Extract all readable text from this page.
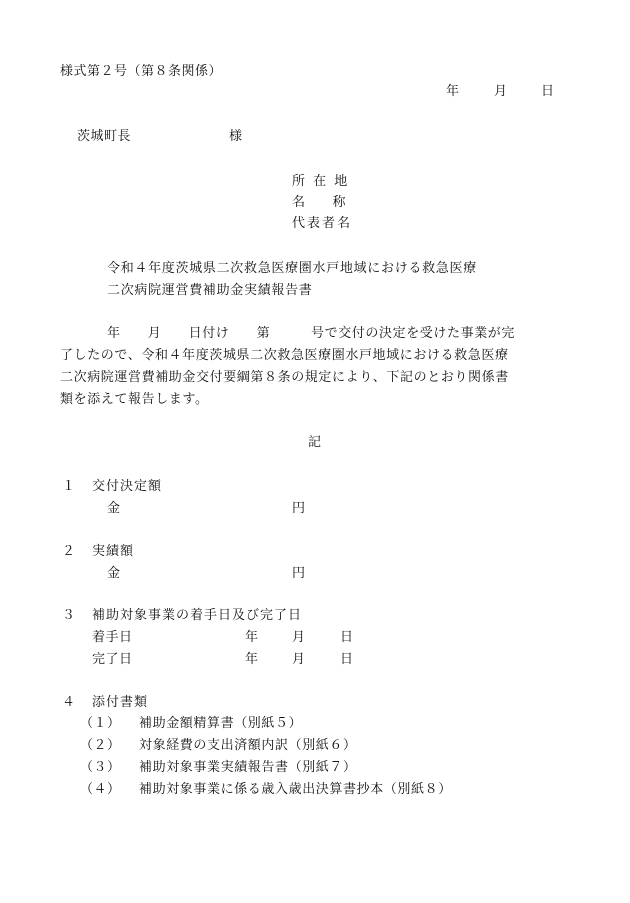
様式第２号（第８条関係）
年	月	日
茨城町長	様
所 在 地
名　　称
代表者名
令和４年度茨城県二次救急医療圏水戸地域における救急医療
二次病院運営費補助金実績報告書
年　　月　　日付け　　第　　　号で交付の決定を受けた事業が完
了したので、令和４年度茨城県二次救急医療圏水戸地域における救急医療
二次病院運営費補助金交付要綱第８条の規定により、下記のとおり関係書
類を添えて報告します。
記
１ 交付決定額
金	円
２ 実績額
金	円
３ 補助対象事業の着手日及び完了日
着手日	年	月	日
完了日	年	月	日
４ 添付書類
（１） 補助金額精算書（別紙５）
（２） 対象経費の支出済額内訳（別紙６）
（３） 補助対象事業実績報告書（別紙７）
（４） 補助対象事業に係る歳入歳出決算書抄本（別紙８）
